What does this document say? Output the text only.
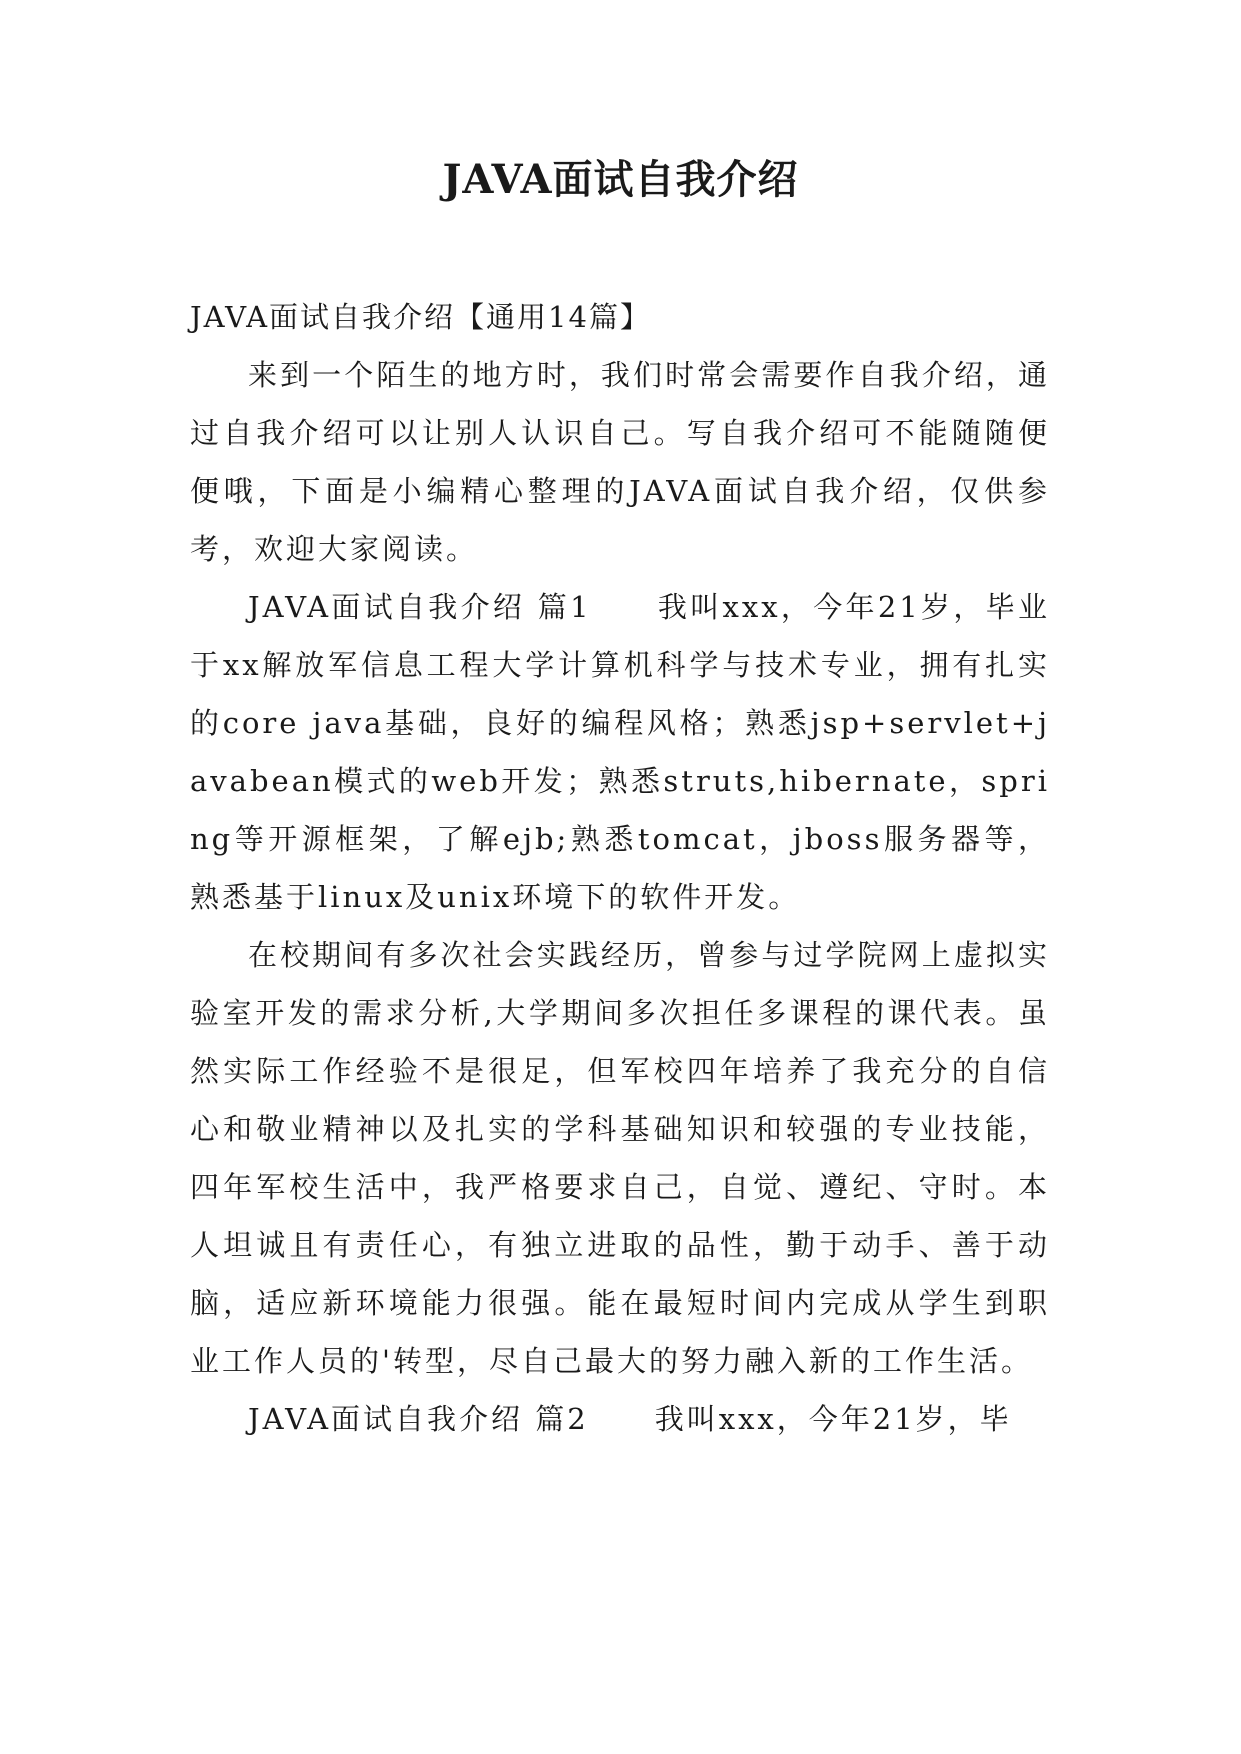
JAVA面试自我介绍

JAVA面试自我介绍【通用14篇】

来到一个陌生的地方时，我们时常会需要作自我介绍，通过自我介绍可以让别人认识自己。写自我介绍可不能随随便便哦，下面是小编精心整理的JAVA面试自我介绍，仅供参考，欢迎大家阅读。

JAVA面试自我介绍 篇1 我叫xxx，今年21岁，毕业于xx解放军信息工程大学计算机科学与技术专业，拥有扎实的core java基础，良好的编程风格；熟悉jsp+servlet+javabean模式的web开发；熟悉struts,hibernate，spring等开源框架，了解ejb;熟悉tomcat，jboss服务器等，熟悉基于linux及unix环境下的软件开发。

在校期间有多次社会实践经历，曾参与过学院网上虚拟实验室开发的需求分析,大学期间多次担任多课程的课代表。虽然实际工作经验不是很足，但军校四年培养了我充分的自信心和敬业精神以及扎实的学科基础知识和较强的专业技能，四年军校生活中，我严格要求自己，自觉、遵纪、守时。本人坦诚且有责任心，有独立进取的品性，勤于动手、善于动脑，适应新环境能力很强。能在最短时间内完成从学生到职业工作人员的'转型，尽自己最大的努力融入新的工作生活。

JAVA面试自我介绍 篇2 我叫xxx，今年21岁，毕
